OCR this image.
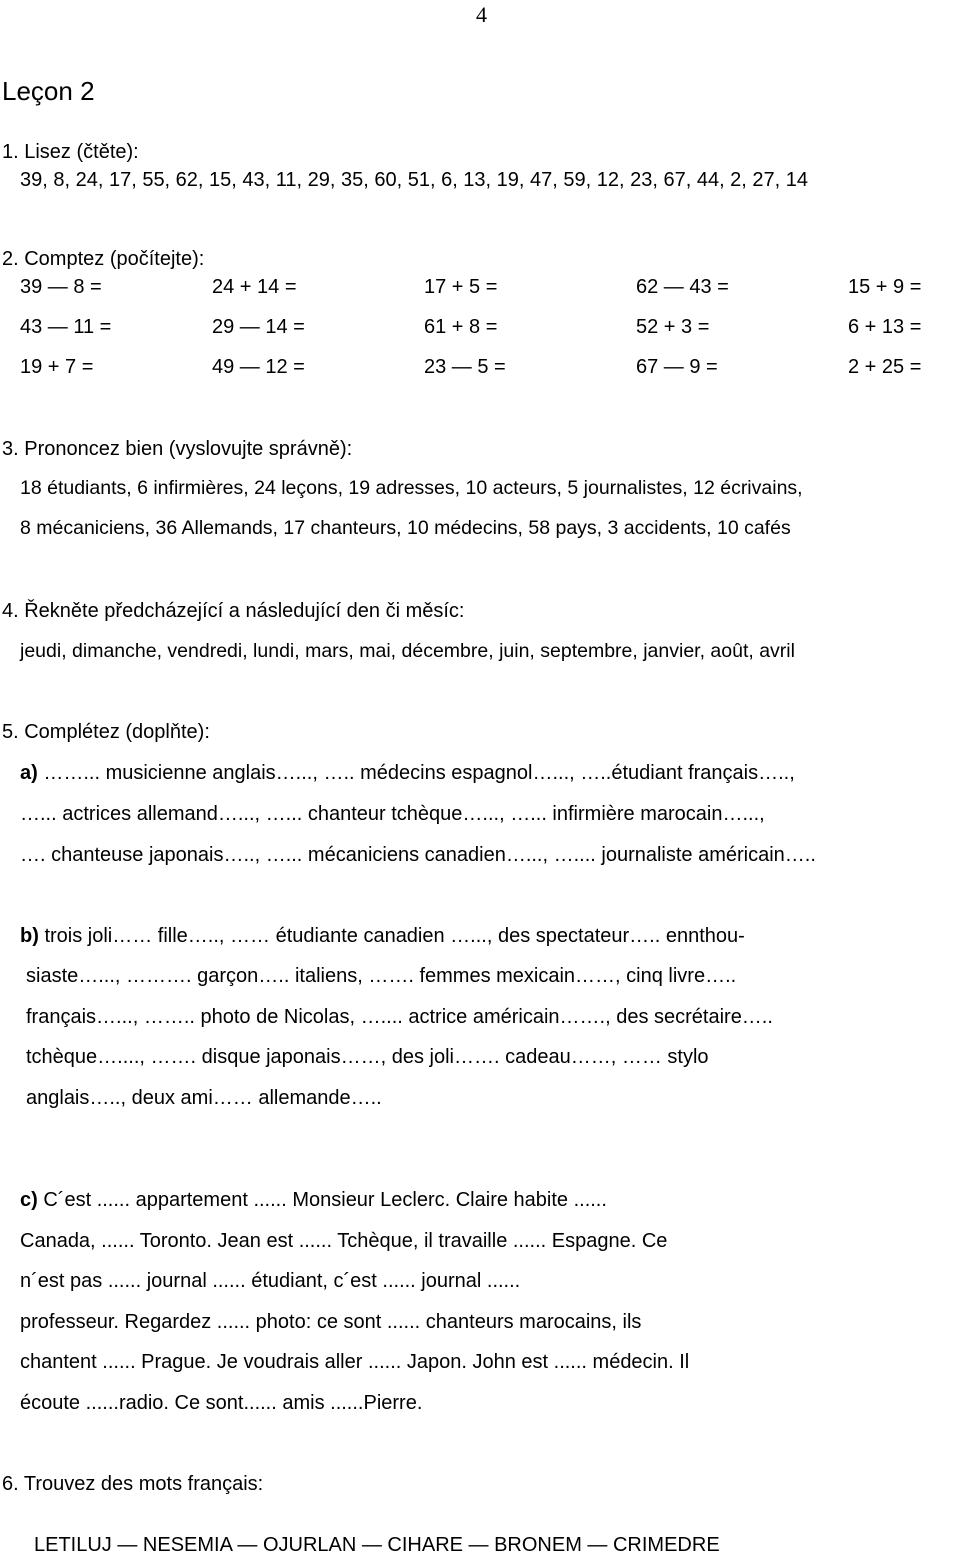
4
Leçon 2
1. Lisez (čtěte):
39, 8, 24, 17, 55, 62, 15, 43, 11, 29, 35, 60, 51, 6, 13, 19, 47, 59, 12, 23, 67, 44, 2, 27, 14
2. Comptez (počítejte):
39 — 8 =	24 + 14 =	17 + 5 =	62 — 43 =	15 + 9 =
43 — 11 =	29 — 14 =	61 + 8 =	52 + 3 =	6 + 13 =
19 + 7 =	49 — 12 =	23 — 5 =	67 — 9 =	2 + 25 =
3. Prononcez bien (vyslovujte správně):
18 étudiants, 6 infirmières, 24 leçons, 19 adresses, 10 acteurs, 5 journalistes, 12 écrivains,
8 mécaniciens, 36 Allemands, 17 chanteurs, 10 médecins, 58 pays, 3 accidents, 10 cafés
4. Řekněte předcházející a následující den či měsíc:
jeudi, dimanche, vendredi, lundi, mars, mai, décembre, juin, septembre, janvier, août, avril
5. Complétez (doplňte):
a) ……... musicienne anglais…..., ….. médecins espagnol…..., …..étudiant français…..,
…... actrices allemand…..., …... chanteur tchèque…..., …... infirmière marocain…...,
…. chanteuse japonais….., …... mécaniciens canadien…..., ….... journaliste américain…..
b) trois joli…… fille….., …… étudiante canadien …..., des spectateur….. ennthou-
siaste…..., ………. garçon….. italiens, ……. femmes mexicain……, cinq livre…..
français…..., …….. photo de Nicolas, ….... actrice américain……., des secrétaire…..
tchèque…...., ……. disque japonais……, des joli……. cadeau……, …… stylo
anglais….., deux ami…… allemande…..
c) C´est ...... appartement ...... Monsieur Leclerc. Claire habite ......
Canada, ...... Toronto. Jean est ...... Tchèque, il travaille ...... Espagne. Ce
n´est pas ...... journal ...... étudiant, c´est ...... journal ......
professeur. Regardez ...... photo: ce sont ...... chanteurs marocains, ils
chantent ...... Prague. Je voudrais aller ...... Japon. John est ...... médecin. Il
écoute ......radio. Ce sont...... amis ......Pierre.
6. Trouvez des mots français:
LETILUJ — NESEMIA — OJURLAN — CIHARE — BRONEM — CRIMEDRE
